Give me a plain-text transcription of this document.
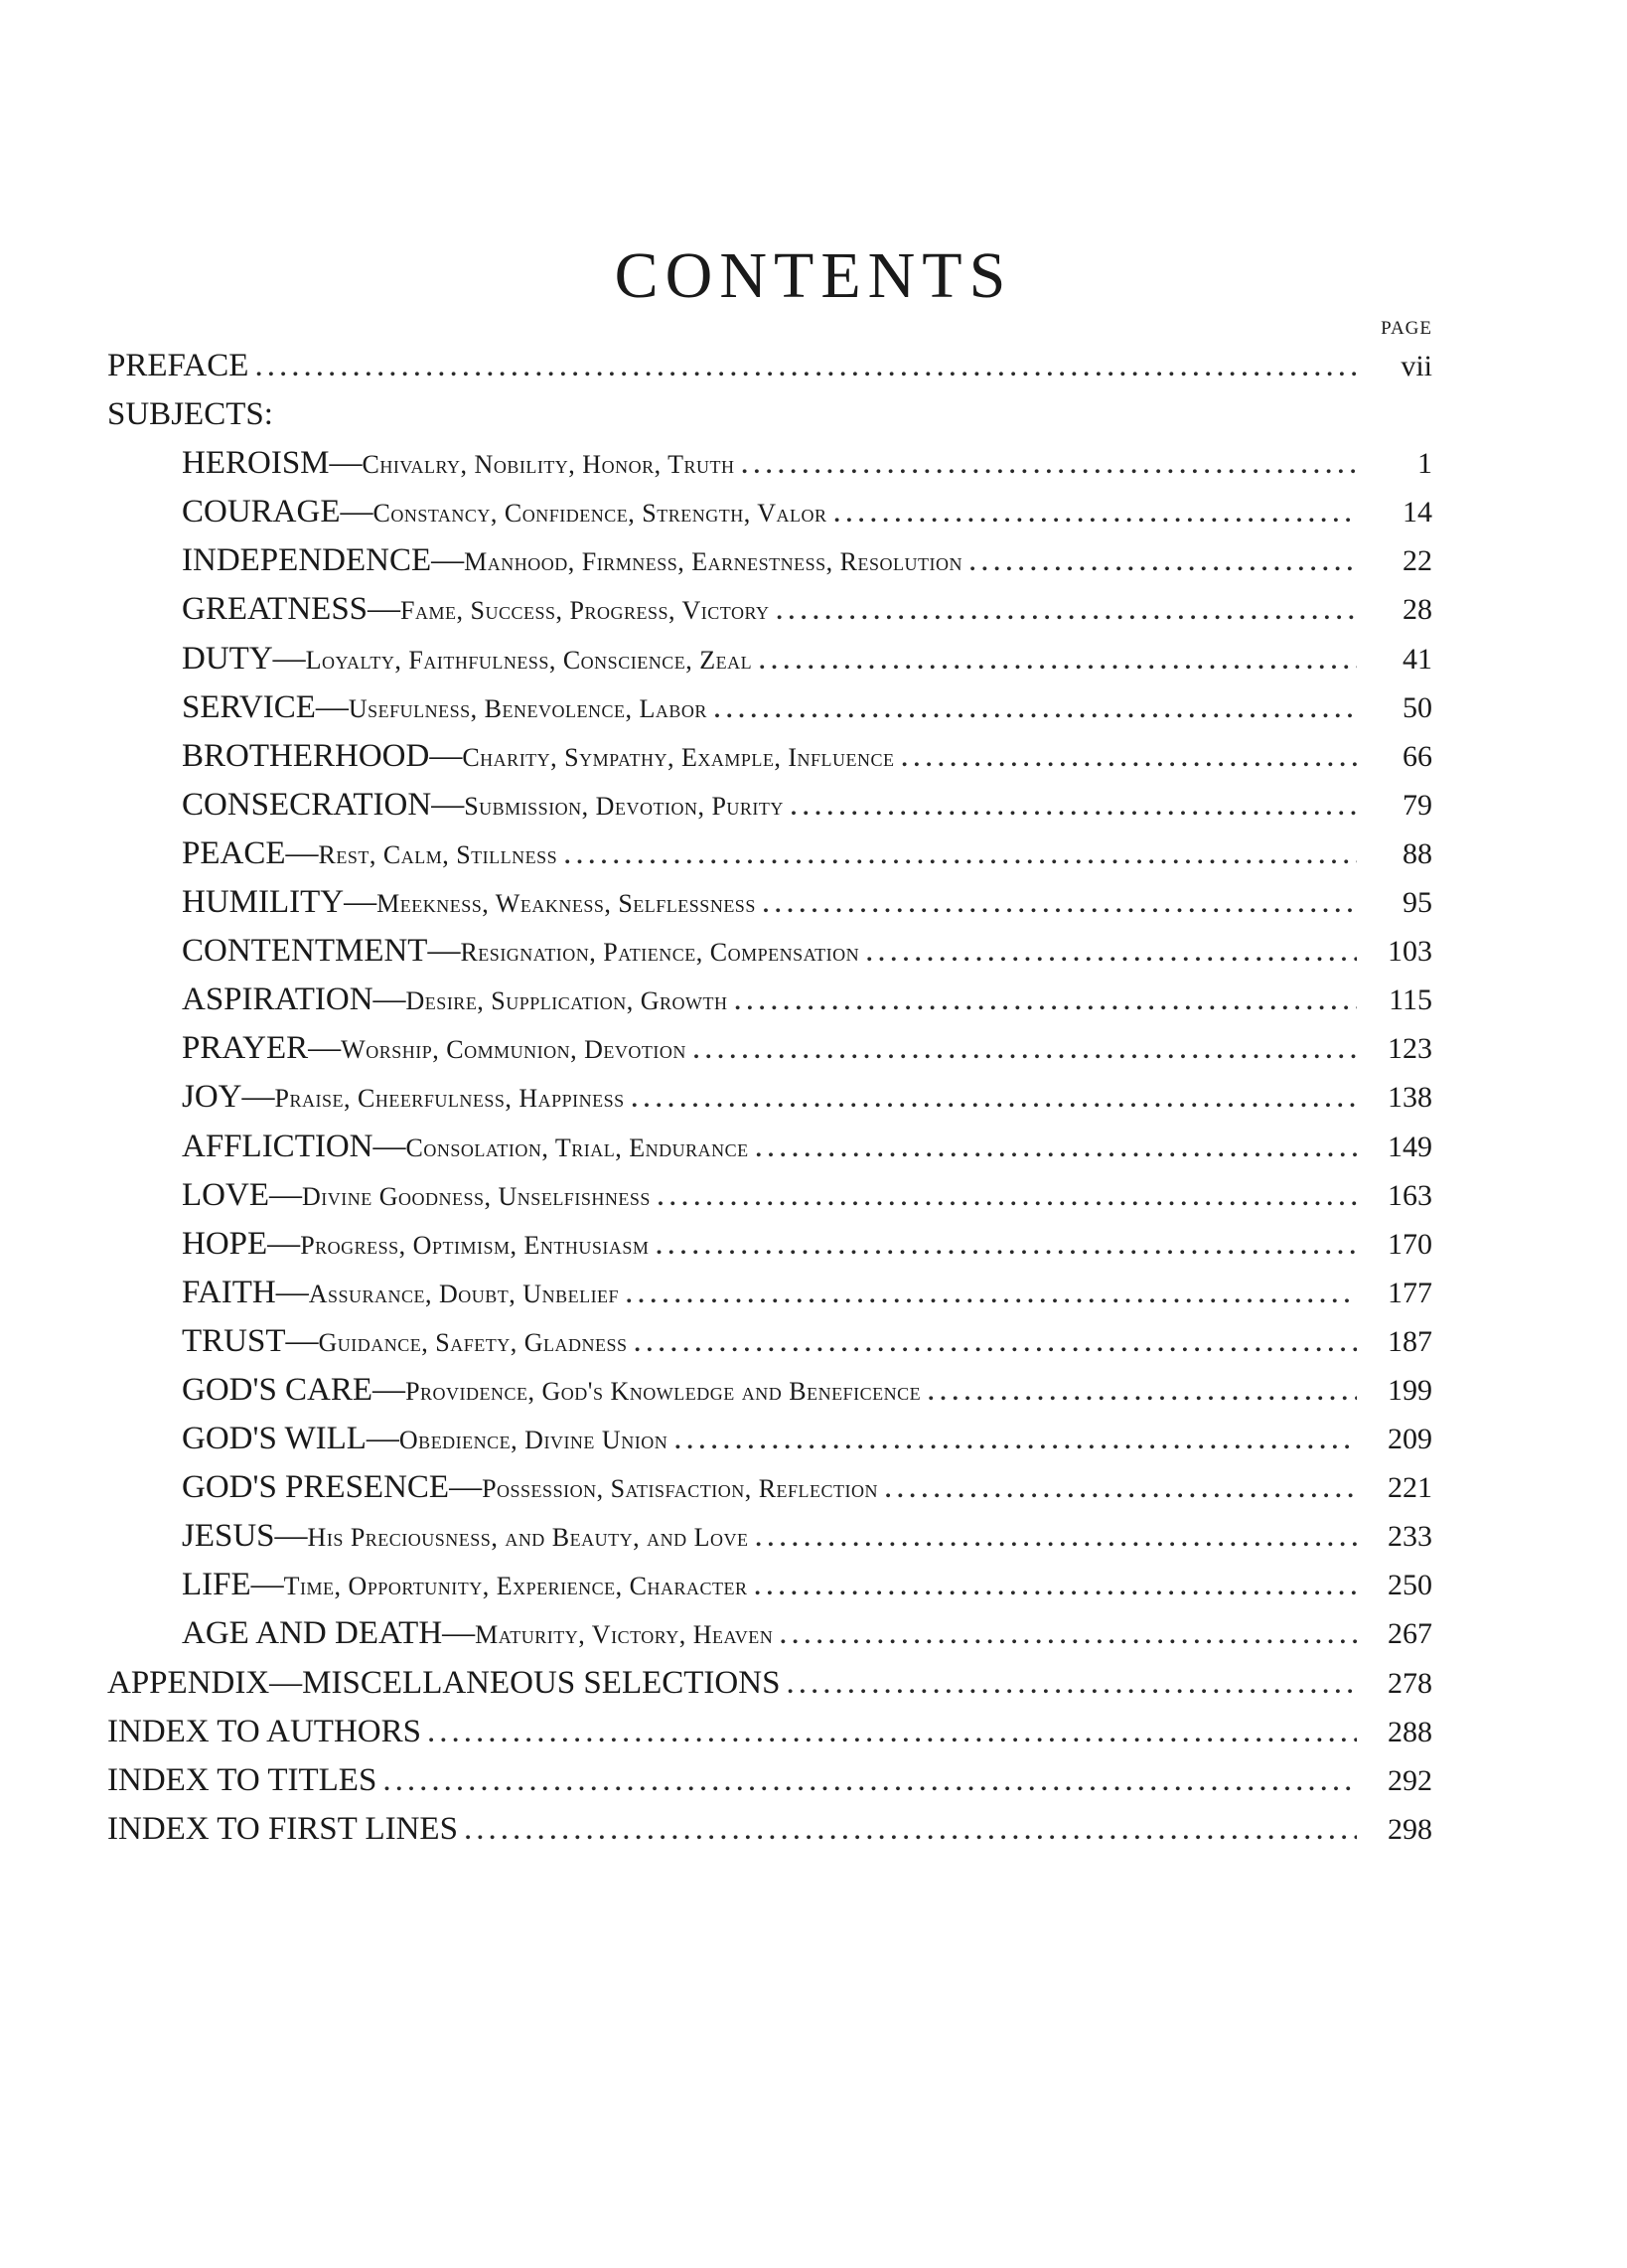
CONTENTS
PAGE
PREFACE .....	vii
SUBJECTS:
HEROISM—Chivalry, Nobility, Honor, Truth .....	1
COURAGE—Constancy, Confidence, Strength, Valor .....	14
INDEPENDENCE—Manhood, Firmness, Earnestness, Resolution .....	22
GREATNESS—Fame, Success, Progress, Victory .....	28
DUTY—Loyalty, Faithfulness, Conscience, Zeal .....	41
SERVICE—Usefulness, Benevolence, Labor .....	50
BROTHERHOOD—Charity, Sympathy, Example, Influence .....	66
CONSECRATION—Submission, Devotion, Purity .....	79
PEACE—Rest, Calm, Stillness .....	88
HUMILITY—Meekness, Weakness, Selflessness .....	95
CONTENTMENT—Resignation, Patience, Compensation .....	103
ASPIRATION—Desire, Supplication, Growth .....	115
PRAYER—Worship, Communion, Devotion .....	123
JOY—Praise, Cheerfulness, Happiness .....	138
AFFLICTION—Consolation, Trial, Endurance .....	149
LOVE—Divine Goodness, Unselfishness .....	163
HOPE—Progress, Optimism, Enthusiasm .....	170
FAITH—Assurance, Doubt, Unbelief .....	177
TRUST—Guidance, Safety, Gladness .....	187
GOD'S CARE—Providence, God's Knowledge and Beneficence .....	199
GOD'S WILL—Obedience, Divine Union .....	209
GOD'S PRESENCE—Possession, Satisfaction, Reflection .....	221
JESUS—His Preciousness, and Beauty, and Love .....	233
LIFE—Time, Opportunity, Experience, Character .....	250
AGE AND DEATH—Maturity, Victory, Heaven .....	267
APPENDIX—MISCELLANEOUS SELECTIONS .....	278
INDEX TO AUTHORS .....	288
INDEX TO TITLES .....	292
INDEX TO FIRST LINES .....	298
